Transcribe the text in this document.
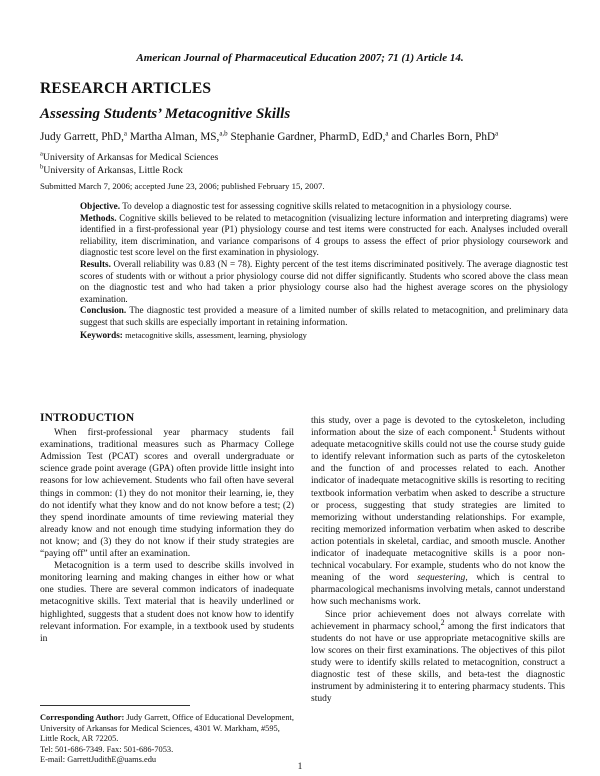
American Journal of Pharmaceutical Education 2007; 71 (1) Article 14.
RESEARCH ARTICLES
Assessing Students’ Metacognitive Skills
Judy Garrett, PhD,$^a$ Martha Alman, MS,$^{a,b}$ Stephanie Gardner, PharmD, EdD,$^a$ and Charles Born, PhD$^a$
$^a$University of Arkansas for Medical Sciences
$^b$University of Arkansas, Little Rock
Submitted March 7, 2006; accepted June 23, 2006; published February 15, 2007.

Objective. To develop a diagnostic test for assessing cognitive skills related to metacognition in a physiology course.

Methods. Cognitive skills believed to be related to metacognition (visualizing lecture information and interpreting diagrams) were identified in a first-professional year (P1) physiology course and test items were constructed for each. Analyses included overall reliability, item discrimination, and variance comparisons of 4 groups to assess the effect of prior physiology coursework and diagnostic test score level on the first examination in physiology.

Results. Overall reliability was 0.83 (N = 78). Eighty percent of the test items discriminated positively. The average diagnostic test scores of students with or without a prior physiology course did not differ significantly. Students who scored above the class mean on the diagnostic test and who had taken a prior physiology course also had the highest average scores on the physiology examination.

Conclusion. The diagnostic test provided a measure of a limited number of skills related to metacognition, and preliminary data suggest that such skills are especially important in retaining information.

Keywords: metacognitive skills, assessment, learning, physiology

INTRODUCTION

When first-professional year pharmacy students fail examinations, traditional measures such as Pharmacy College Admission Test (PCAT) scores and overall undergraduate or science grade point average (GPA) often provide little insight into reasons for low achievement. Students who fail often have several things in common: (1) they do not monitor their learning, ie, they do not identify what they know and do not know before a test; (2) they spend inordinate amounts of time reviewing material they already know and not enough time studying information they do not know; and (3) they do not know if their study strategies are “paying off” until after an examination.

Metacognition is a term used to describe skills involved in monitoring learning and making changes in either how or what one studies. There are several common indicators of inadequate metacognitive skills. Text material that is heavily underlined or highlighted, suggests that a student does not know how to identify relevant information. For example, in a textbook used by students in

this study, over a page is devoted to the cytoskeleton, including information about the size of each component.$^1$ Students without adequate metacognitive skills could not use the course study guide to identify relevant information such as parts of the cytoskeleton and the function of and processes related to each. Another indicator of inadequate metacognitive skills is resorting to reciting textbook information verbatim when asked to describe a structure or process, suggesting that study strategies are limited to memorizing without understanding relationships. For example, reciting memorized information verbatim when asked to describe action potentials in skeletal, cardiac, and smooth muscle. Another indicator of inadequate metacognitive skills is a poor non-technical vocabulary. For example, students who do not know the meaning of the word sequestering, which is central to pharmacological mechanisms involving metals, cannot understand how such mechanisms work.

Since prior achievement does not always correlate with achievement in pharmacy school,$^2$ among the first indicators that students do not have or use appropriate metacognitive skills are low scores on their first examinations. The objectives of this pilot study were to identify skills related to metacognition, construct a diagnostic test of these skills, and beta-test the diagnostic instrument by administering it to entering pharmacy students. This study

Corresponding Author: Judy Garrett, Office of Educational Development, University of Arkansas for Medical Sciences, 4301 W. Markham, #595, Little Rock, AR 72205.
Tel: 501-686-7349. Fax: 501-686-7053.
E-mail: GarrettJudithE@uams.edu
1
